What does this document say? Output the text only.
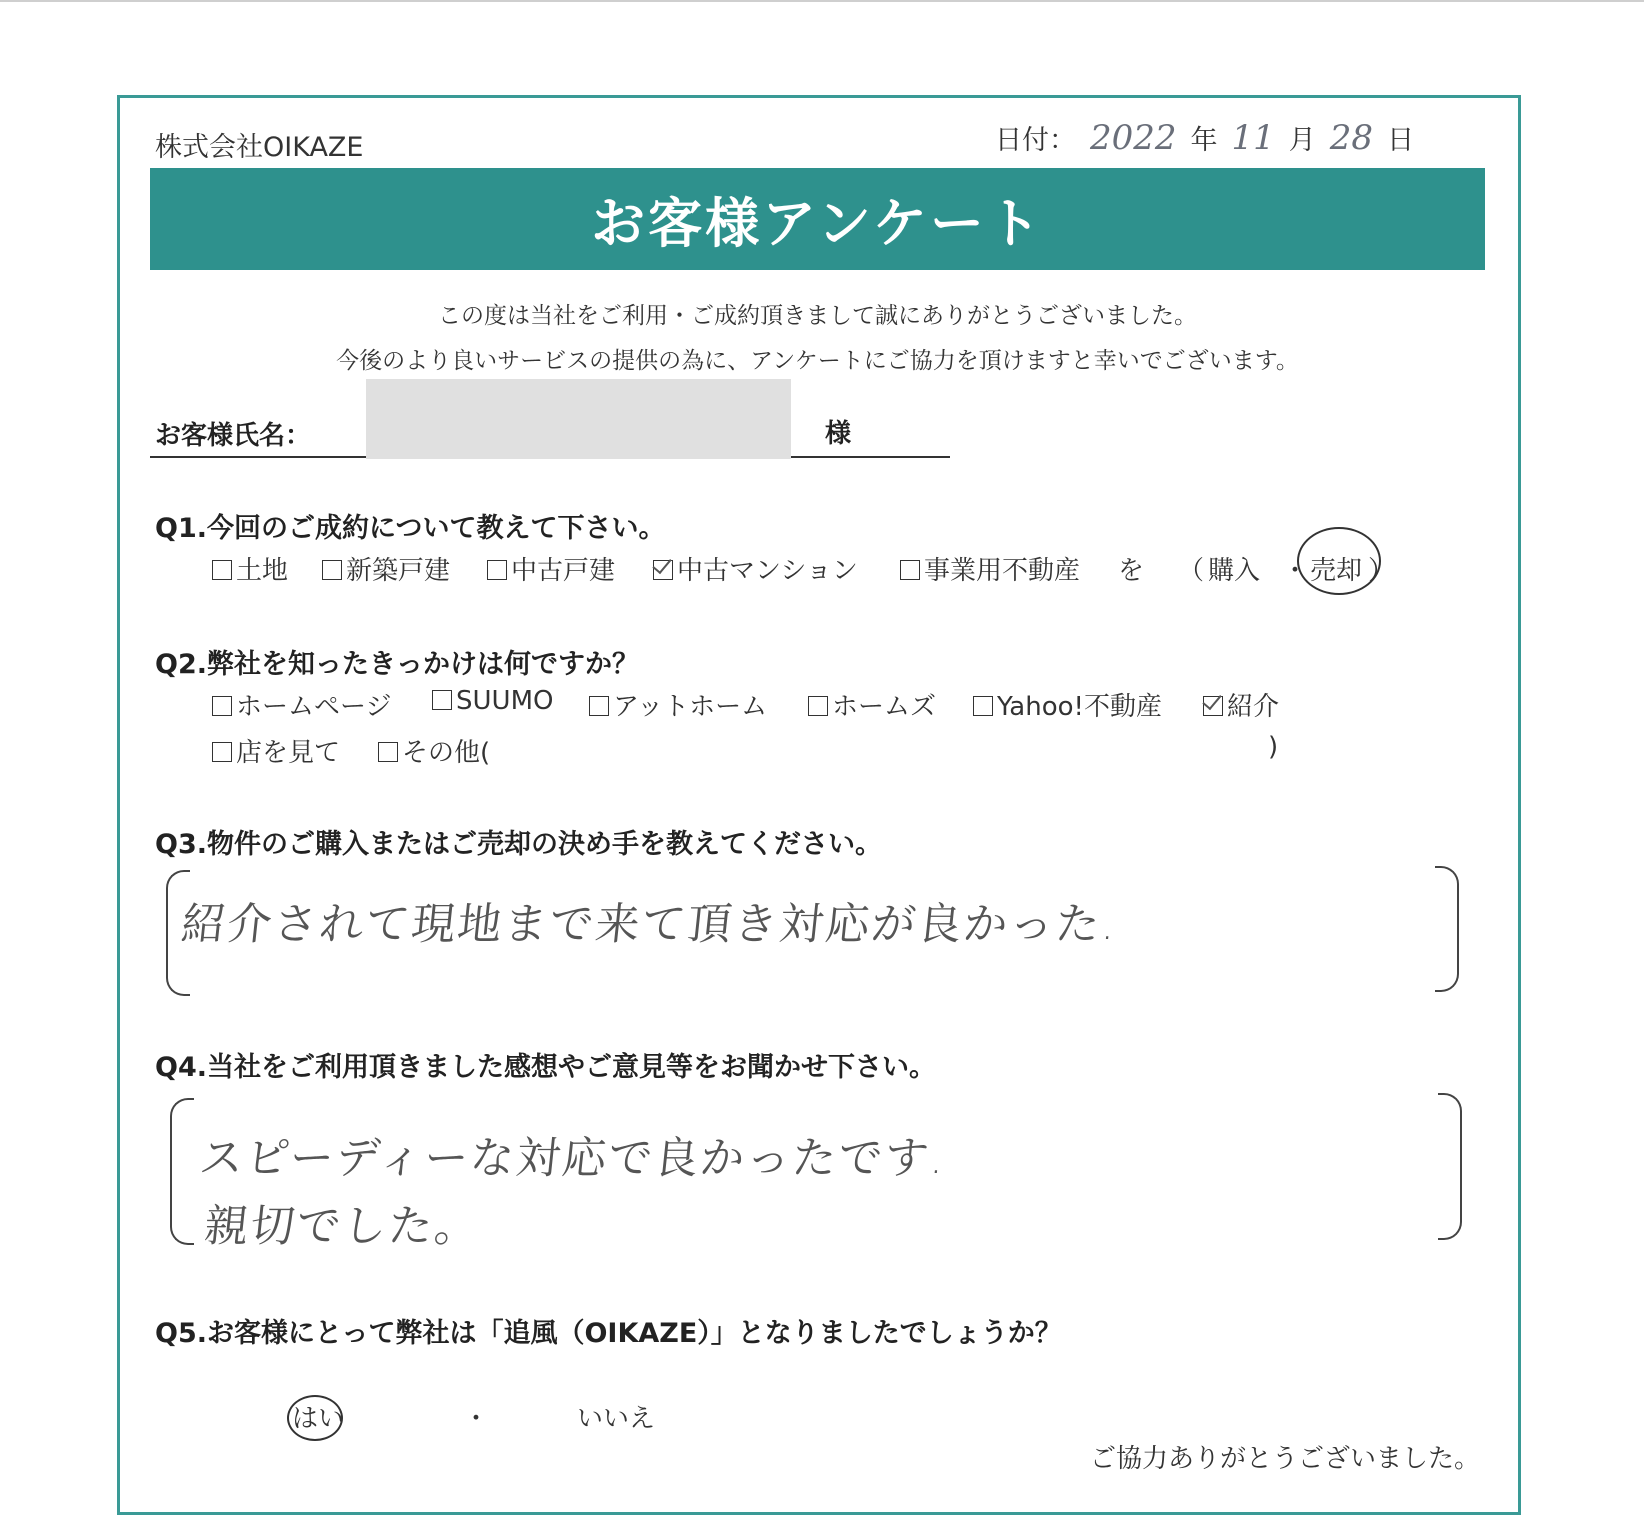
株式会社OIKAZE	日付： 2022 年 11 月 28 日
お客様アンケート
この度は当社をご利用・ご成約頂きまして誠にありがとうございました。
今後のより良いサービスの提供の為に、アンケートにご協力を頂けますと幸いでございます。
お客様氏名：	様
Q1.今回のご成約について教えて下さい。
土地	新築戸建	中古戸建	中古マンション	事業用不動産 を （ 購入 ・ 売却 ）
Q2.弊社を知ったきっかけは何ですか？
ホームページ	SUUMO	アットホーム	ホームズ	Yahoo!不動産	紹介
店を見て	その他(	)
Q3.物件のご購入またはご売却の決め手を教えてください。
紹介されて現地まで来て頂き対応が良かった.
Q4.当社をご利用頂きました感想やご意見等をお聞かせ下さい。
スピーディーな対応で良かったです.
親切でした。
Q5.お客様にとって弊社は「追風（OIKAZE）」となりましたでしょうか？
はい	・	いいえ
ご協力ありがとうございました。
